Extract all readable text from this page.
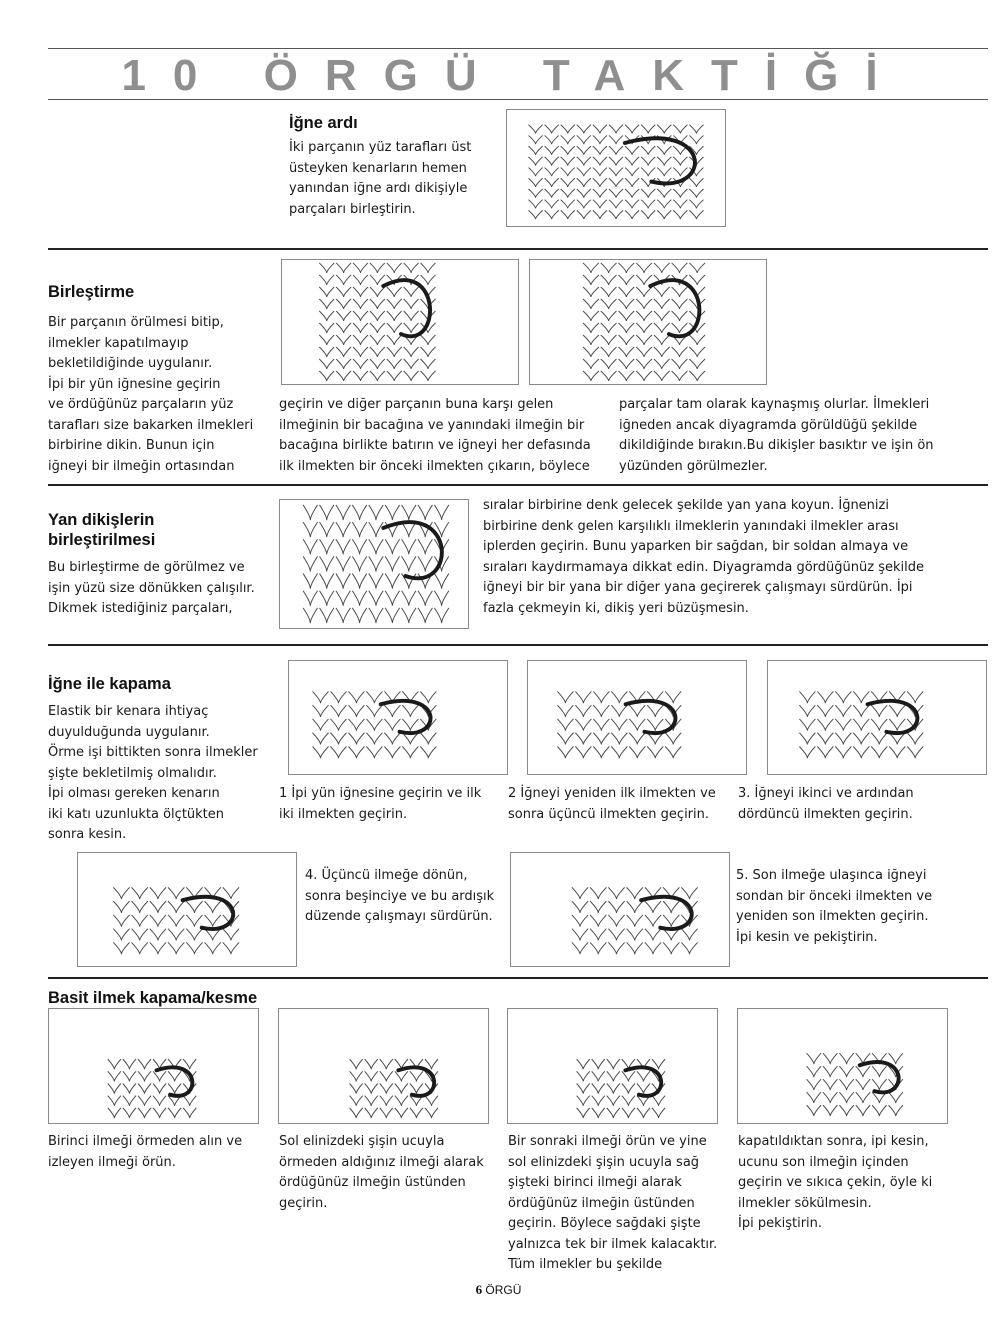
10 ÖRGÜ TAKTİĞİ
İğne ardı
İki parçanın yüz tarafları üst
üsteyken kenarların hemen
yanından iğne ardı dikişiyle
parçaları birleştirin.
Birleştirme
Bir parçanın örülmesi bitip,
ilmekler kapatılmayıp
bekletildiğinde uygulanır.
İpi bir yün iğnesine geçirin
ve ördüğünüz parçaların yüz
tarafları size bakarken ilmekleri
birbirine dikin. Bunun için
iğneyi bir ilmeğin ortasından
geçirin ve diğer parçanın buna karşı gelen
ilmeğinin bir bacağına ve yanındaki ilmeğin bir
bacağına birlikte batırın ve iğneyi her defasında
ilk ilmekten bir önceki ilmekten çıkarın, böylece
parçalar tam olarak kaynaşmış olurlar. İlmekleri
iğneden ancak diyagramda görüldüğü şekilde
dikildiğinde bırakın.Bu dikişler basıktır ve işin ön
yüzünden görülmezler.
Yan dikişlerin
birleştirilmesi
Bu birleştirme de görülmez ve
işin yüzü size dönükken çalışılır.
Dikmek istediğiniz parçaları,
sıralar birbirine denk gelecek şekilde yan yana koyun. İğnenizi
birbirine denk gelen karşılıklı ilmeklerin yanındaki ilmekler arası
iplerden geçirin. Bunu yaparken bir sağdan, bir soldan almaya ve
sıraları kaydırmamaya dikkat edin. Diyagramda gördüğünüz şekilde
iğneyi bir bir yana bir diğer yana geçirerek çalışmayı sürdürün. İpi
fazla çekmeyin ki, dikiş yeri büzüşmesin.
İğne ile kapama
Elastik bir kenara ihtiyaç
duyulduğunda uygulanır.
Örme işi bittikten sonra ilmekler
şişte bekletilmiş olmalıdır.
İpi olması gereken kenarın
iki katı uzunlukta ölçtükten
sonra kesin.
1 İpi yün iğnesine geçirin ve ilk
iki ilmekten geçirin.
2 İğneyi yeniden ilk ilmekten ve
sonra üçüncü ilmekten geçirin.
3. İğneyi ikinci ve ardından
dördüncü ilmekten geçirin.
4. Üçüncü ilmeğe dönün,
sonra beşinciye ve bu ardışık
düzende çalışmayı sürdürün.
5. Son ilmeğe ulaşınca iğneyi
sondan bir önceki ilmekten ve
yeniden son ilmekten geçirin.
İpi kesin ve pekiştirin.
Basit ilmek kapama/kesme
Birinci ilmeği örmeden alın ve
izleyen ilmeği örün.
Sol elinizdeki şişin ucuyla
örmeden aldığınız ilmeği alarak
ördüğünüz ilmeğin üstünden
geçirin.
Bir sonraki ilmeği örün ve yine
sol elinizdeki şişin ucuyla sağ
şişteki birinci ilmeği alarak
ördüğünüz ilmeğin üstünden
geçirin. Böylece sağdaki şişte
yalnızca tek bir ilmek kalacaktır.
Tüm ilmekler bu şekilde
kapatıldıktan sonra, ipi kesin,
ucunu son ilmeğin içinden
geçirin ve sıkıca çekin, öyle ki
ilmekler sökülmesin.
İpi pekiştirin.
6 ÖRGÜ
